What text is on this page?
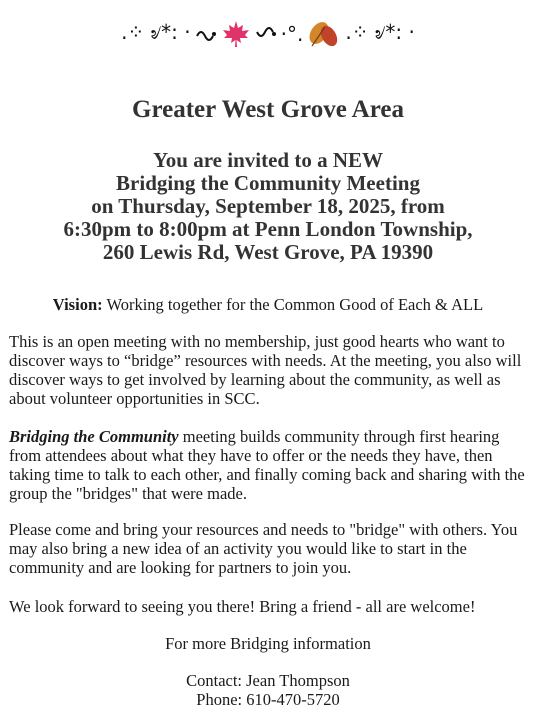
.⁘ ৶*: ·	·°. .⁘ ৶*: ·
Greater West Grove Area
You are invited to a NEW
Bridging the Community Meeting
on Thursday, September 18, 2025, from
6:30pm to 8:00pm at Penn London Township,
260 Lewis Rd, West Grove, PA 19390
Vision: Working together for the Common Good of Each & ALL
This is an open meeting with no membership, just good hearts who want to discover ways to “bridge” resources with needs. At the meeting, you also will discover ways to get involved by learning about the community, as well as about volunteer opportunities in SCC.
Bridging the Community meeting builds community through first hearing from attendees about what they have to offer or the needs they have, then taking time to talk to each other, and finally coming back and sharing with the group the "bridges" that were made.
Please come and bring your resources and needs to "bridge" with others. You may also bring a new idea of an activity you would like to start in the community and are looking for partners to join you.
We look forward to seeing you there! Bring a friend - all are welcome!
For more Bridging information
Contact: Jean Thompson
Phone: 610-470-5720
